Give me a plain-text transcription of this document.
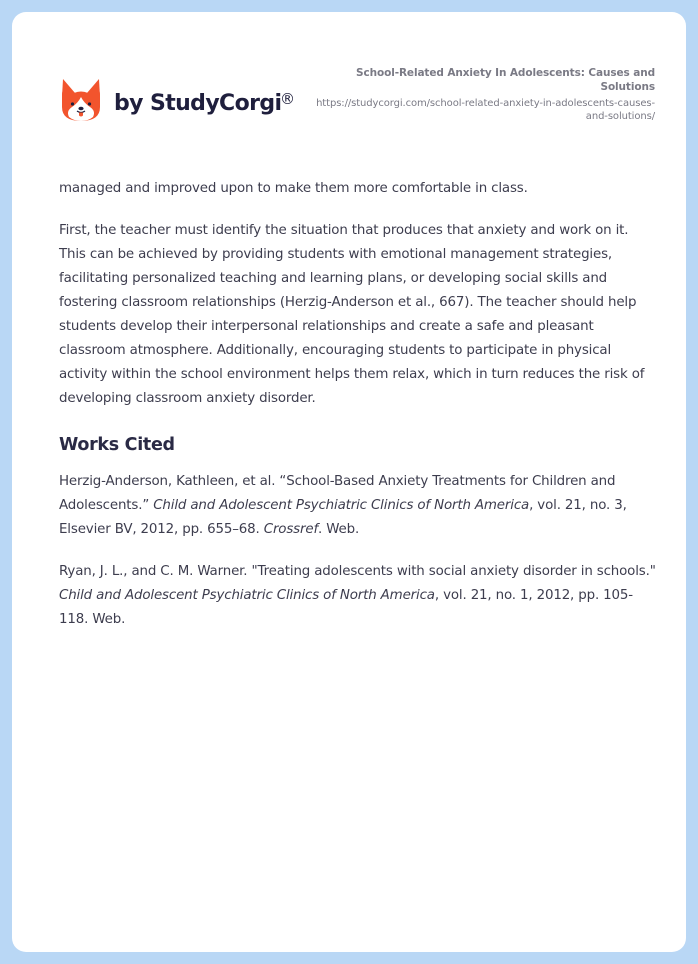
by StudyCorgi
®
School-Related Anxiety In Adolescents: Causes and Solutions
https://studycorgi.com/school-related-anxiety-in-adolescents-causes-and-solutions/

managed and improved upon to make them more comfortable in class.

First, the teacher must identify the situation that produces that anxiety and work on it. This can be achieved by providing students with emotional management strategies, facilitating personalized teaching and learning plans, or developing social skills and fostering classroom relationships (Herzig-Anderson et al., 667). The teacher should help students develop their interpersonal relationships and create a safe and pleasant classroom atmosphere. Additionally, encouraging students to participate in physical activity within the school environment helps them relax, which in turn reduces the risk of developing classroom anxiety disorder.

Works Cited

Herzig-Anderson, Kathleen, et al. “School-Based Anxiety Treatments for Children and Adolescents.” Child and Adolescent Psychiatric Clinics of North America, vol. 21, no. 3, Elsevier BV, 2012, pp. 655–68. Crossref. Web.

Ryan, J. L., and C. M. Warner. "Treating adolescents with social anxiety disorder in schools." Child and Adolescent Psychiatric Clinics of North America, vol. 21, no. 1, 2012, pp. 105-118. Web.
